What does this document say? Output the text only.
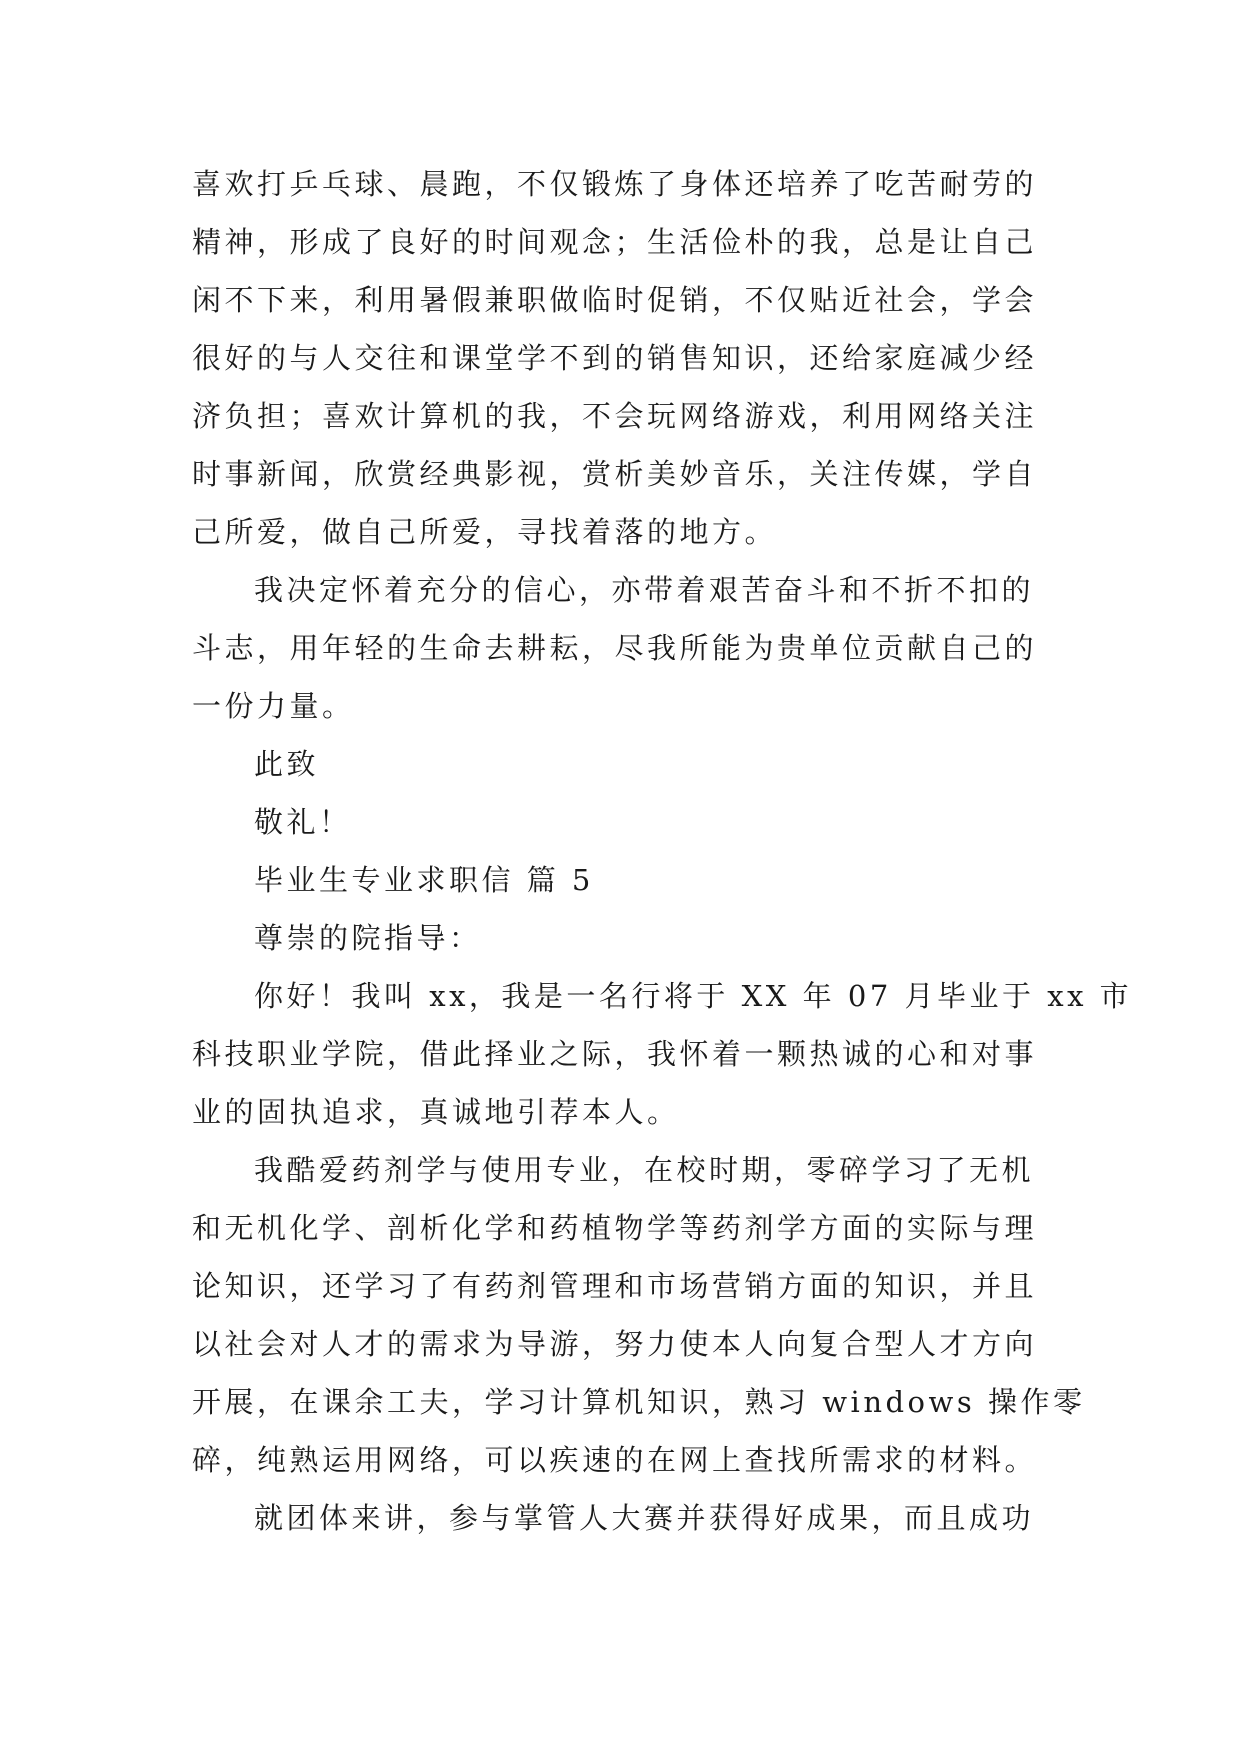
喜欢打乒乓球、晨跑，不仅锻炼了身体还培养了吃苦耐劳的
精神，形成了良好的时间观念；生活俭朴的我，总是让自己
闲不下来，利用暑假兼职做临时促销，不仅贴近社会，学会
很好的与人交往和课堂学不到的销售知识，还给家庭减少经
济负担；喜欢计算机的我，不会玩网络游戏，利用网络关注
时事新闻，欣赏经典影视，赏析美妙音乐，关注传媒，学自
己所爱，做自己所爱，寻找着落的地方。
我决定怀着充分的信心，亦带着艰苦奋斗和不折不扣的
斗志，用年轻的生命去耕耘，尽我所能为贵单位贡献自己的
一份力量。
此致
敬礼！
毕业生专业求职信 篇 5
尊崇的院指导：
你好！我叫 xx，我是一名行将于 XX 年 07 月毕业于 xx 市
科技职业学院，借此择业之际，我怀着一颗热诚的心和对事
业的固执追求，真诚地引荐本人。
我酷爱药剂学与使用专业，在校时期，零碎学习了无机
和无机化学、剖析化学和药植物学等药剂学方面的实际与理
论知识，还学习了有药剂管理和市场营销方面的知识，并且
以社会对人才的需求为导游，努力使本人向复合型人才方向
开展，在课余工夫，学习计算机知识，熟习 windows 操作零
碎，纯熟运用网络，可以疾速的在网上查找所需求的材料。
就团体来讲，参与掌管人大赛并获得好成果，而且成功
